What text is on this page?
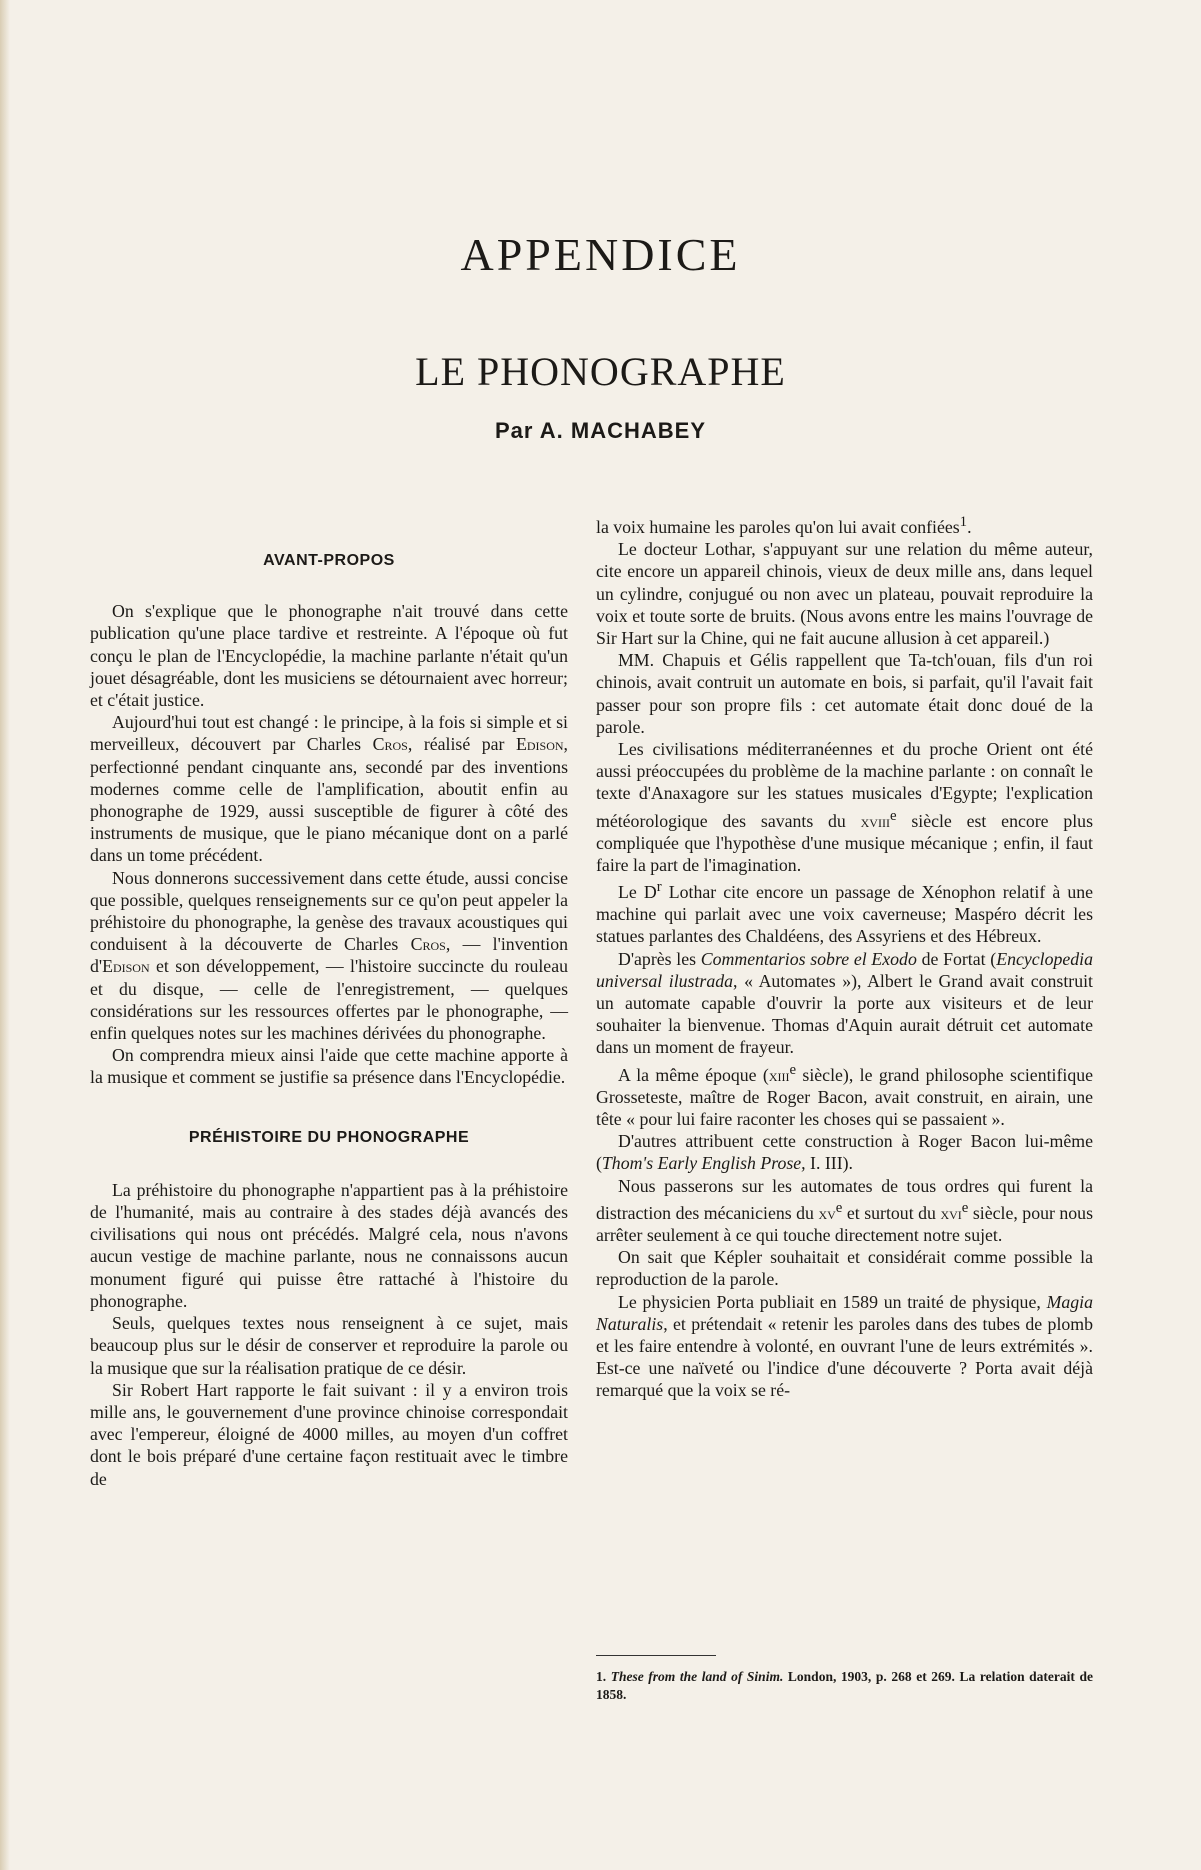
APPENDICE
LE PHONOGRAPHE
Par A. MACHABEY
AVANT-PROPOS

On s'explique que le phonographe n'ait trouvé dans cette publication qu'une place tardive et restreinte. A l'époque où fut conçu le plan de l'Encyclopédie, la machine parlante n'était qu'un jouet désagréable, dont les musiciens se détournaient avec horreur; et c'était justice.

Aujourd'hui tout est changé : le principe, à la fois si simple et si merveilleux, découvert par Charles Cros, réalisé par Edison, perfectionné pendant cinquante ans, secondé par des inventions modernes comme celle de l'amplification, aboutit enfin au phonographe de 1929, aussi susceptible de figurer à côté des instruments de musique, que le piano mécanique dont on a parlé dans un tome précédent.

Nous donnerons successivement dans cette étude, aussi concise que possible, quelques renseignements sur ce qu'on peut appeler la préhistoire du phonographe, la genèse des travaux acoustiques qui conduisent à la découverte de Charles Cros, — l'invention d'Edison et son développement, — l'histoire succincte du rouleau et du disque, — celle de l'enregistrement, — quelques considérations sur les ressources offertes par le phonographe, — enfin quelques notes sur les machines dérivées du phonographe.

On comprendra mieux ainsi l'aide que cette machine apporte à la musique et comment se justifie sa présence dans l'Encyclopédie.

PRÉHISTOIRE DU PHONOGRAPHE

La préhistoire du phonographe n'appartient pas à la préhistoire de l'humanité, mais au contraire à des stades déjà avancés des civilisations qui nous ont précédés. Malgré cela, nous n'avons aucun vestige de machine parlante, nous ne connaissons aucun monument figuré qui puisse être rattaché à l'histoire du phonographe.

Seuls, quelques textes nous renseignent à ce sujet, mais beaucoup plus sur le désir de conserver et reproduire la parole ou la musique que sur la réalisation pratique de ce désir.

Sir Robert Hart rapporte le fait suivant : il y a environ trois mille ans, le gouvernement d'une province chinoise correspondait avec l'empereur, éloigné de 4000 milles, au moyen d'un coffret dont le bois préparé d'une certaine façon restituait avec le timbre de

la voix humaine les paroles qu'on lui avait confiées$^1$.

Le docteur Lothar, s'appuyant sur une relation du même auteur, cite encore un appareil chinois, vieux de deux mille ans, dans lequel un cylindre, conjugué ou non avec un plateau, pouvait reproduire la voix et toute sorte de bruits. (Nous avons entre les mains l'ouvrage de Sir Hart sur la Chine, qui ne fait aucune allusion à cet appareil.)

MM. Chapuis et Gélis rappellent que Ta-tch'ouan, fils d'un roi chinois, avait contruit un automate en bois, si parfait, qu'il l'avait fait passer pour son propre fils : cet automate était donc doué de la parole.

Les civilisations méditerranéennes et du proche Orient ont été aussi préoccupées du problème de la machine parlante : on connaît le texte d'Anaxagore sur les statues musicales d'Egypte; l'explication météorologique des savants du xviii$^e$ siècle est encore plus compliquée que l'hypothèse d'une musique mécanique ; enfin, il faut faire la part de l'imagination.

Le $D^r$ Lothar cite encore un passage de Xénophon relatif à une machine qui parlait avec une voix caverneuse; Maspéro décrit les statues parlantes des Chaldéens, des Assyriens et des Hébreux.

D'après les Commentarios sobre el Exodo de Fortat (Encyclopedia universal ilustrada, « Automates »), Albert le Grand avait construit un automate capable d'ouvrir la porte aux visiteurs et de leur souhaiter la bienvenue. Thomas d'Aquin aurait détruit cet automate dans un moment de frayeur.

A la même époque (xiii$^e$ siècle), le grand philosophe scientifique Grosseteste, maître de Roger Bacon, avait construit, en airain, une tête « pour lui faire raconter les choses qui se passaient ».

D'autres attribuent cette construction à Roger Bacon lui-même (Thom's Early English Prose, I. III).

Nous passerons sur les automates de tous ordres qui furent la distraction des mécaniciens du $xv^e$ et surtout du xvi$^e$ siècle, pour nous arrêter seulement à ce qui touche directement notre sujet.

On sait que Képler souhaitait et considérait comme possible la reproduction de la parole.

Le physicien Porta publiait en 1589 un traité de physique, Magia Naturalis, et prétendait « retenir les paroles dans des tubes de plomb et les faire entendre à volonté, en ouvrant l'une de leurs extrémités ». Est-ce une naïveté ou l'indice d'une découverte ? Porta avait déjà remarqué que la voix se ré-

1. These from the land of Sinim. London, 1903, p. 268 et 269. La relation daterait de 1858.
